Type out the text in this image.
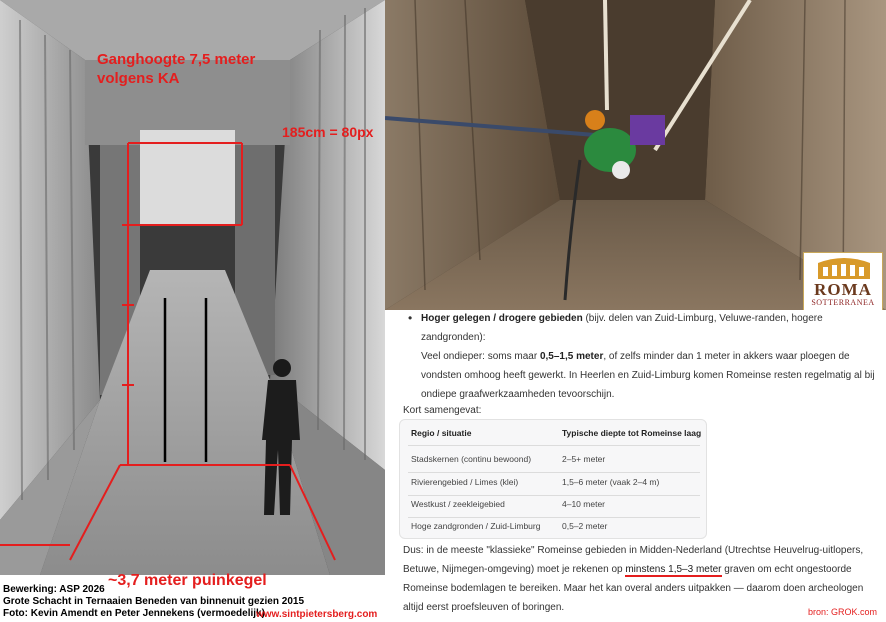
Ganghoogte 7,5 meter volgens KA
185cm = 80px
~3,7 meter puinkegel
Bewerking: ASP 2026
Grote Schacht in Ternaaien Beneden van binnenuit gezien 2015
Foto: Kevin Amendt en Peter Jennekens (vermoedelijk)
www.sintpietersberg.com
ROMA
SOTTERRANEA
• Hoger gelegen / drogere gebieden (bijv. delen van Zuid-Limburg, Veluwe-randen, hogere zandgronden):
Veel ondieper: soms maar 0,5–1,5 meter, of zelfs minder dan 1 meter in akkers waar ploegen de vondsten omhoog heeft gewerkt. In Heerlen en Zuid-Limburg komen Romeinse resten regelmatig al bij ondiepe graafwerkzaamheden tevoorschijn.
Kort samengevat:
Regio / situatie	Typische diepte tot Romeinse laag
Stadskernen (continu bewoond)	2–5+ meter
Rivierengebied / Limes (klei)	1,5–6 meter (vaak 2–4 m)
Westkust / zeekleigebied	4–10 meter
Hoge zandgronden / Zuid-Limburg	0,5–2 meter
Dus: in de meeste "klassieke" Romeinse gebieden in Midden-Nederland (Utrechtse Heuvelrug-uitlopers, Betuwe, Nijmegen-omgeving) moet je rekenen op minstens 1,5–3 meter graven om echt ongestoorde Romeinse bodemlagen te bereiken. Maar het kan overal anders uitpakken — daarom doen archeologen altijd eerst proefsleuven of boringen.	bron: GROK.com
